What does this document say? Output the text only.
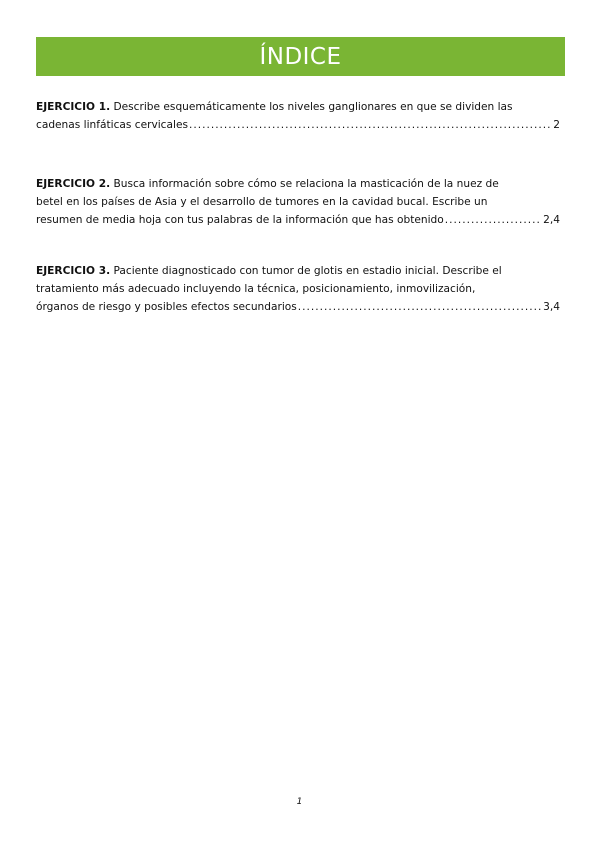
ÍNDICE
EJERCICIO 1. Describe esquemáticamente los niveles ganglionares en que se dividen las
cadenas linfáticas cervicales .....	2
EJERCICIO 2. Busca información sobre cómo se relaciona la masticación de la nuez de
betel en los países de Asia y el desarrollo de tumores en la cavidad bucal. Escribe un
resumen de media hoja con tus palabras de la información que has obtenido .....	2,4
EJERCICIO 3. Paciente diagnosticado con tumor de glotis en estadio inicial. Describe el
tratamiento más adecuado incluyendo la técnica, posicionamiento, inmovilización,
órganos de riesgo y posibles efectos secundarios .....	3,4
1
